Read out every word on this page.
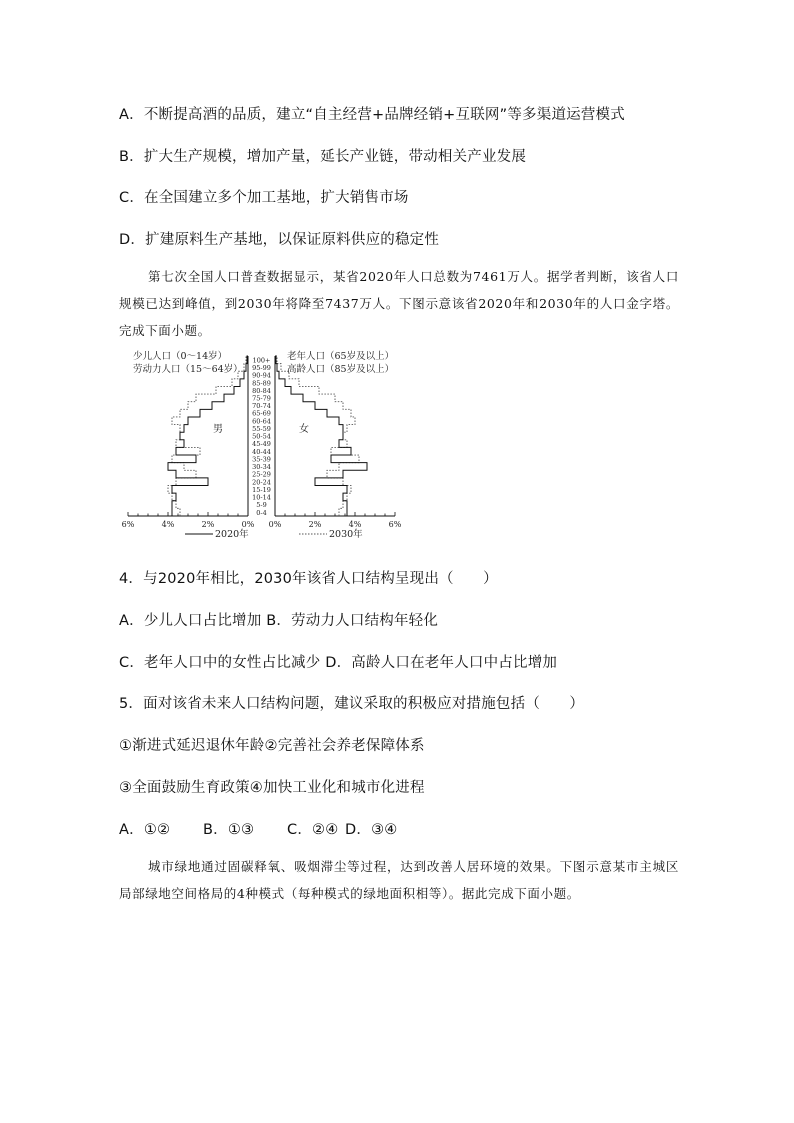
A．不断提高酒的品质，建立“自主经营+品牌经销+互联网”等多渠道运营模式
B．扩大生产规模，增加产量，延长产业链，带动相关产业发展
C．在全国建立多个加工基地，扩大销售市场
D．扩建原料生产基地，以保证原料供应的稳定性
第七次全国人口普查数据显示，某省2020年人口总数为7461万人。据学者判断，该省人口规模已达到峰值，到2030年将降至7437万人。下图示意该省2020年和2030年的人口金字塔。完成下面小题。
6%	4%	2%	0% 0%	2%	4%	6%
0-4
5-9
10-14
15-19
20-24
25-29
30-34
35-39
40-44
45-49
50-54
55-59
60-64
65-69
70-74
75-79
80-84
85-89
90-94
95-99
100+
少儿人口（0～14岁）
劳动力人口（15～64岁）
老年人口（65岁及以上）
高龄人口（85岁及以上）
男	女
2020年	2030年
4．与2020年相比，2030年该省人口结构呈现出（　　）
A．少儿人口占比增加 B．劳动力人口结构年轻化
C．老年人口中的女性占比减少 D．高龄人口在老年人口中占比增加
5．面对该省未来人口结构问题，建议采取的积极应对措施包括（　　）
①渐进式延迟退休年龄②完善社会养老保障体系
③全面鼓励生育政策④加快工业化和城市化进程
A．①② B．①③ C．②④ D．③④
城市绿地通过固碳释氧、吸烟滞尘等过程，达到改善人居环境的效果。下图示意某市主城区局部绿地空间格局的4种模式（每种模式的绿地面积相等）。据此完成下面小题。
